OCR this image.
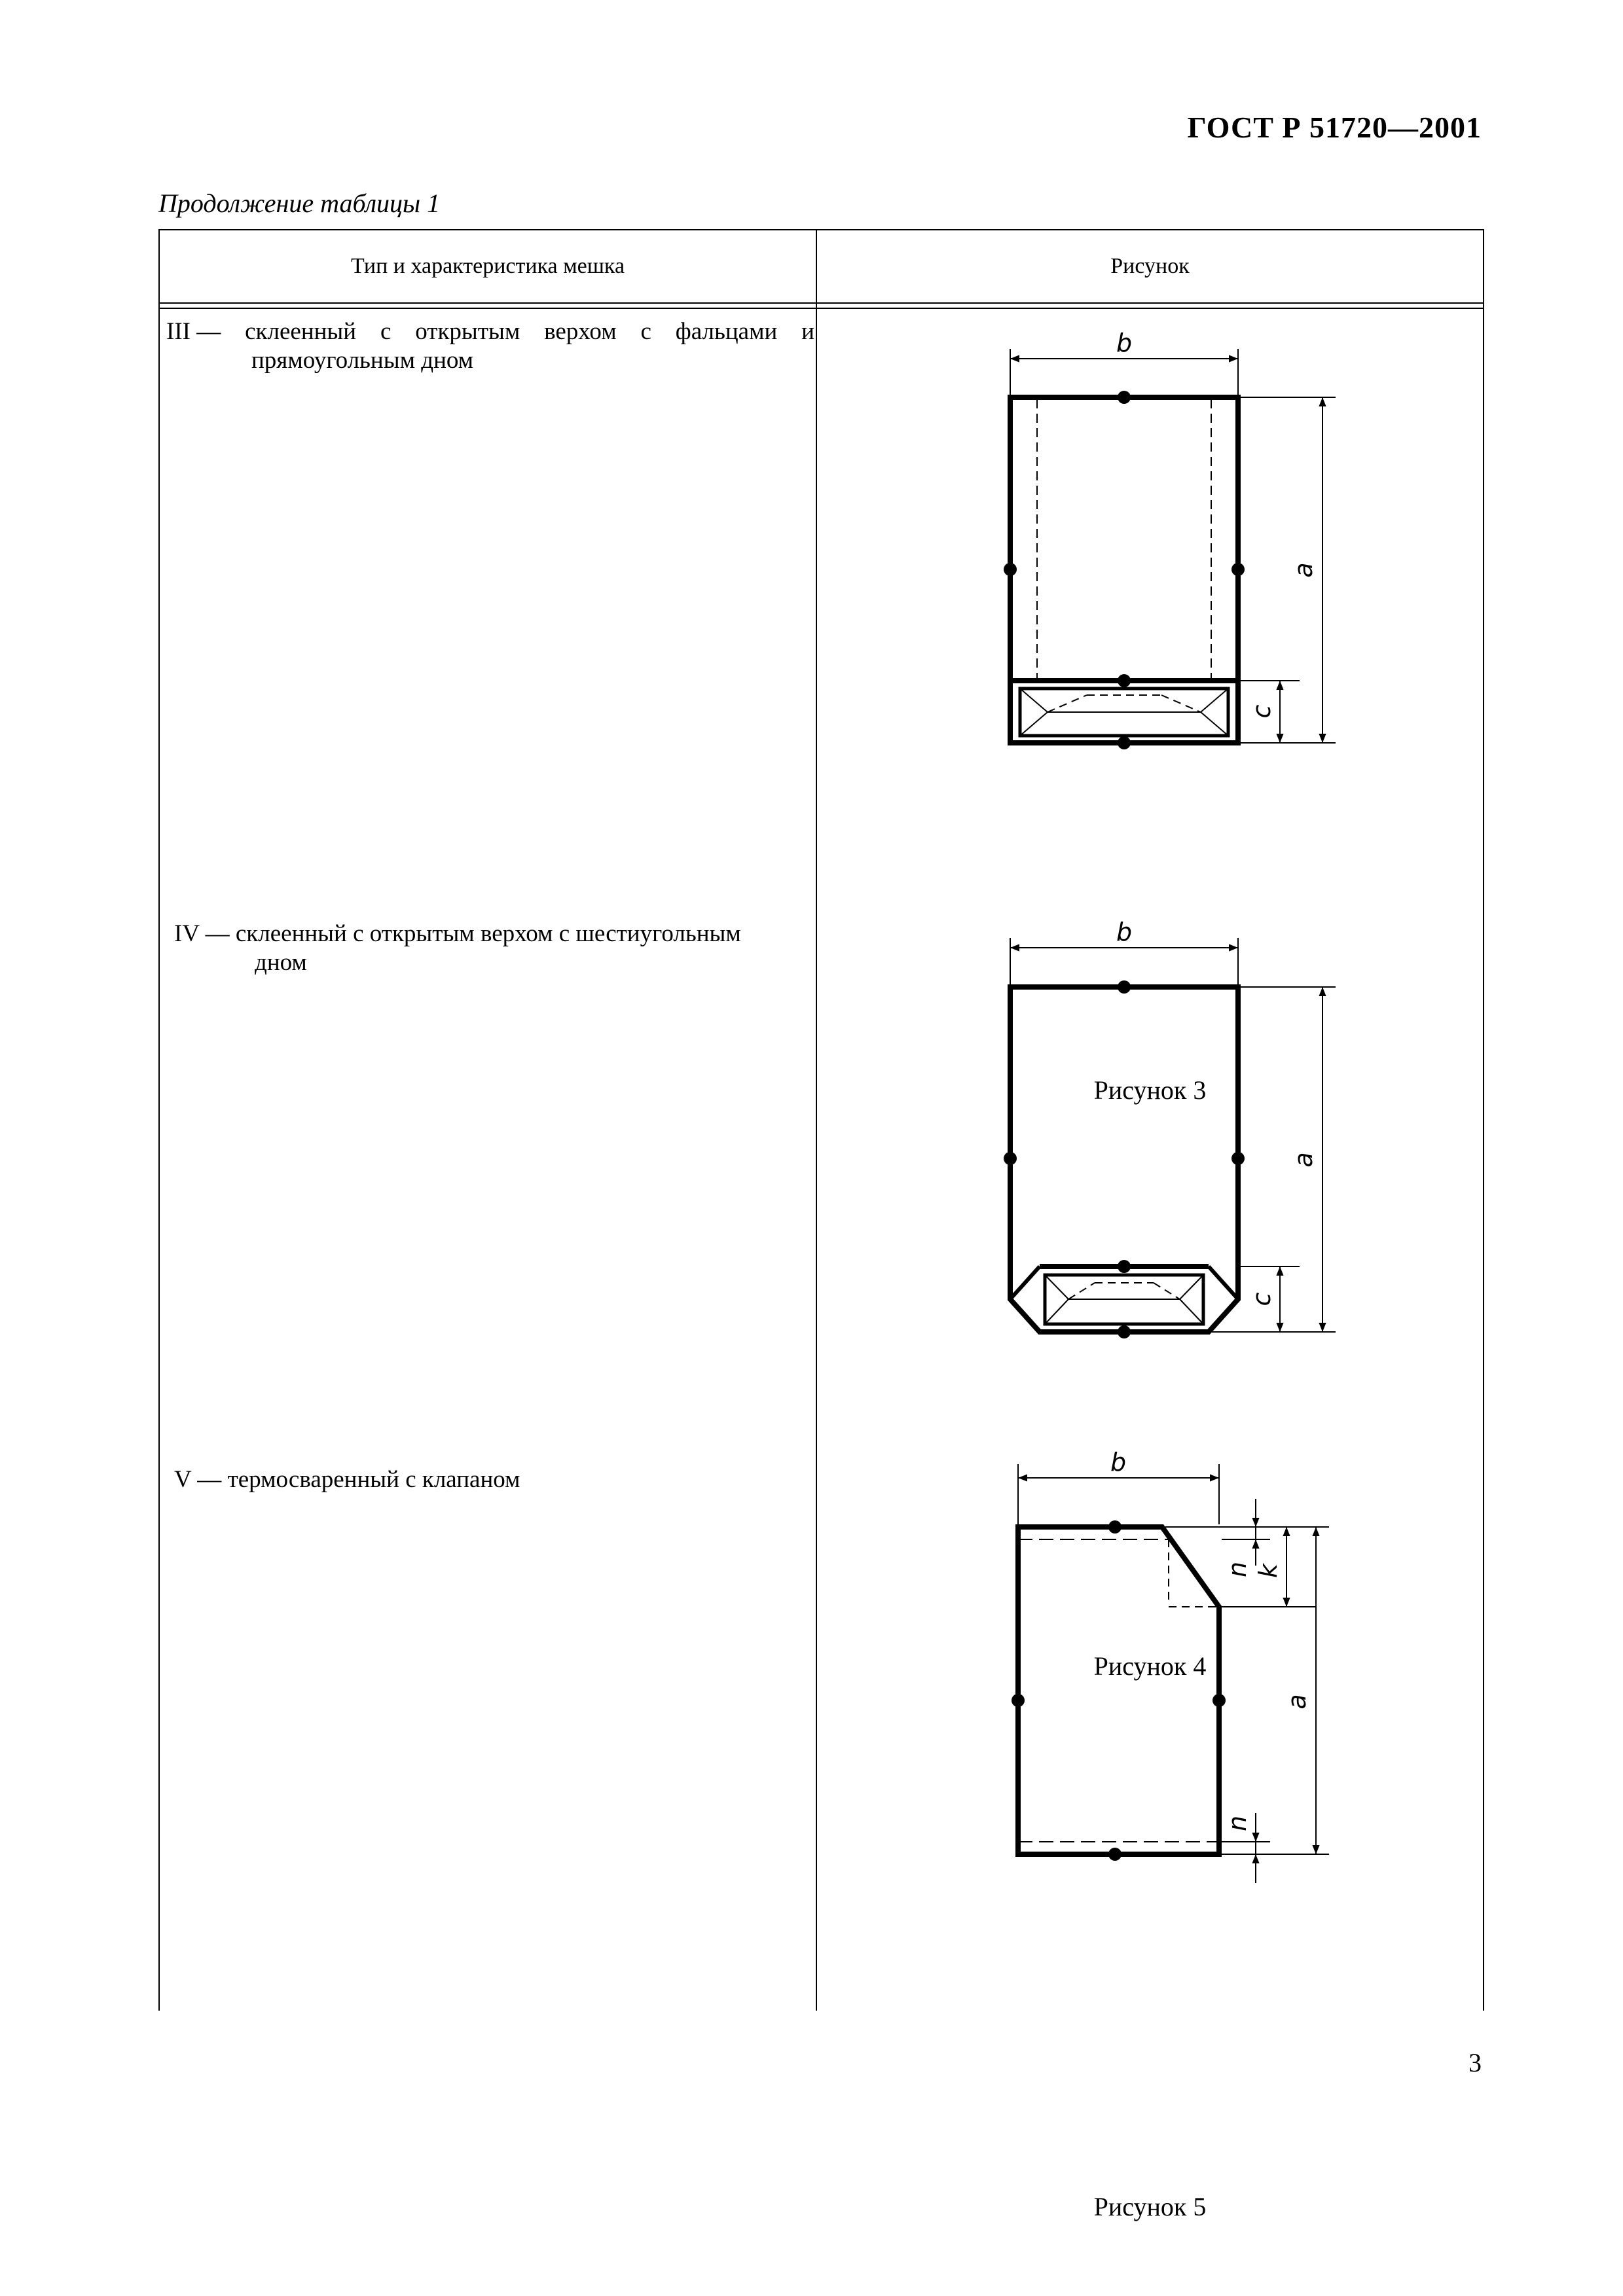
ГОСТ Р 51720—2001
Продолжение таблицы 1
Тип и характеристика мешка	Рисунок
III — склеенный с открытым верхом с фальцами и
прямоугольным дном
Рисунок 3
IV — склеенный с открытым верхом с шестиугольным
дном
Рисунок 4
V — термосваренный с клапаном
Рисунок 5
b
a
c
b
a
c
b
a
k
n
n
3
